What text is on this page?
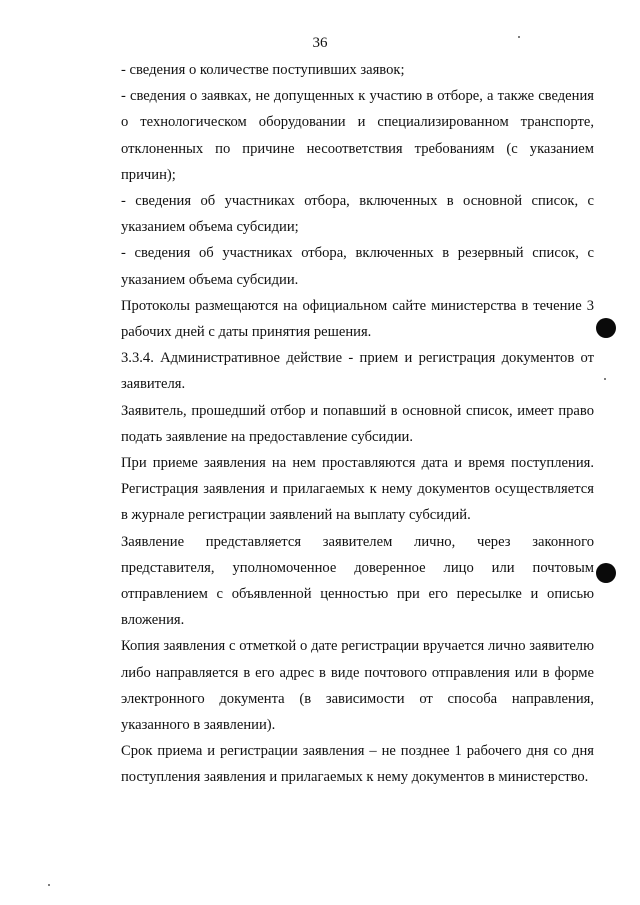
36

- сведения о количестве поступивших заявок;

- сведения о заявках, не допущенных к участию в отборе, а также сведения о технологическом оборудовании и специализированном транспорте, отклоненных по причине несоответствия требованиям (с указанием причин);

- сведения об участниках отбора, включенных в основной список, с указанием объема субсидии;

- сведения об участниках отбора, включенных в резервный список, с указанием объема субсидии.

Протоколы размещаются на официальном сайте министерства в течение 3 рабочих дней с даты принятия решения.

3.3.4. Административное действие - прием и регистрация документов от заявителя.

Заявитель, прошедший отбор и попавший в основной список, имеет право подать заявление на предоставление субсидии.

При приеме заявления на нем проставляются дата и время поступления. Регистрация заявления и прилагаемых к нему документов осуществляется в журнале регистрации заявлений на выплату субсидий.

Заявление представляется заявителем лично, через законного представителя, уполномоченное доверенное лицо или почтовым отправлением с объявленной ценностью при его пересылке и описью вложения.

Копия заявления с отметкой о дате регистрации вручается лично заявителю либо направляется в его адрес в виде почтового отправления или в форме электронного документа (в зависимости от способа направления, указанного в заявлении).

Срок приема и регистрации заявления – не позднее 1 рабочего дня со дня поступления заявления и прилагаемых к нему документов в министерство.
